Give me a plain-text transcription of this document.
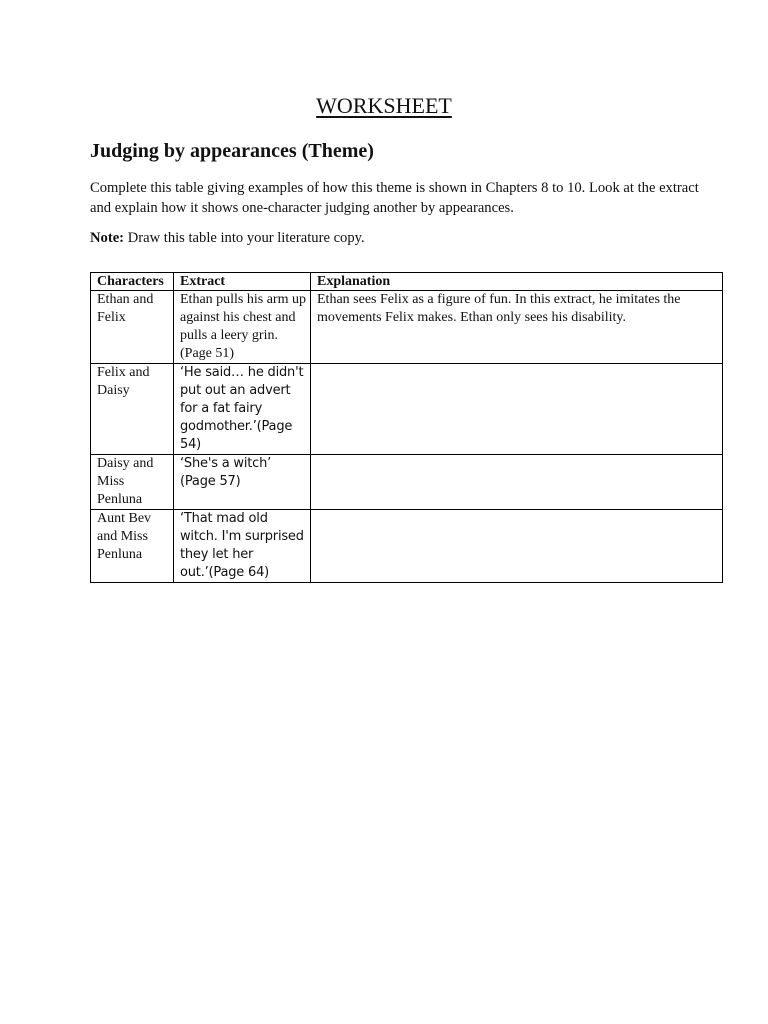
WORKSHEET
Judging by appearances (Theme)

Complete this table giving examples of how this theme is shown in Chapters 8 to 10. Look at the extract and explain how it shows one-character judging another by appearances.

Note: Draw this table into your literature copy.

Characters	Extract	Explanation
Ethan and Felix	Ethan pulls his arm up against his chest and pulls a leery grin. (Page 51)	Ethan sees Felix as a figure of fun. In this extract, he imitates the movements Felix makes. Ethan only sees his disability.
Felix and Daisy	‘He said… he didn't put out an advert for a fat fairy godmother.’(Page 54)	
Daisy and Miss Penluna	‘She's a witch’ (Page 57)	
Aunt Bev and Miss Penluna	‘That mad old witch. I'm surprised they let her out.’(Page 64)	
